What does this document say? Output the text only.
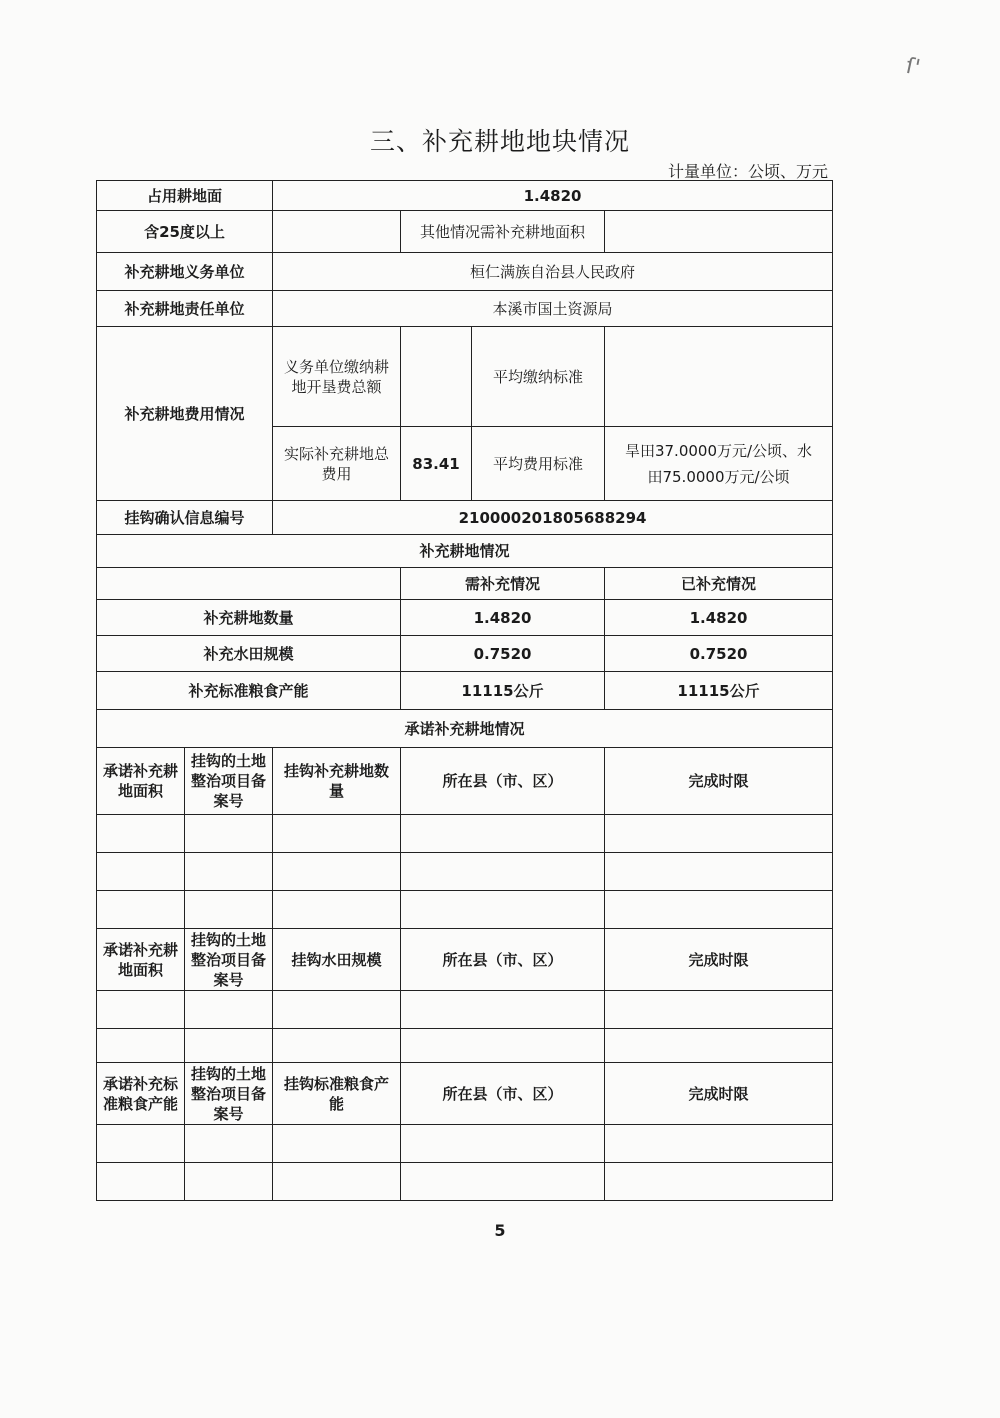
ſ'
三、补充耕地地块情况
计量单位：公顷、万元
占用耕地面		1.4820			
含25度以上			其他情况需补充耕地面积		
补充耕地义务单位		桓仁满族自治县人民政府			
补充耕地责任单位		本溪市国土资源局			
补充耕地费用情况		义务单位缴纳耕地开垦费总额		平均缴纳标准	
		实际补充耕地总费用	83.41	平均费用标准	旱田37.0000万元/公顷、水
田75.0000万元/公顷

挂钩确认信息编号		210000201805688294			
补充耕地情况					
			需补充情况		已补充情况
补充耕地数量			1.4820		1.4820
补充水田规模			0.7520		0.7520
补充标准粮食产能			11115公斤		11115公斤
承诺补充耕地情况					
承诺补充耕地面积	挂钩的土地整治项目备案号	挂钩补充耕地数量	所在县（市、区）		完成时限

承诺补充耕地面积	挂钩的土地整治项目备案号	挂钩水田规模	所在县（市、区）		完成时限

承诺补充标准粮食产能	挂钩的土地整治项目备案号	挂钩标准粮食产能	所在县（市、区）		完成时限

5
